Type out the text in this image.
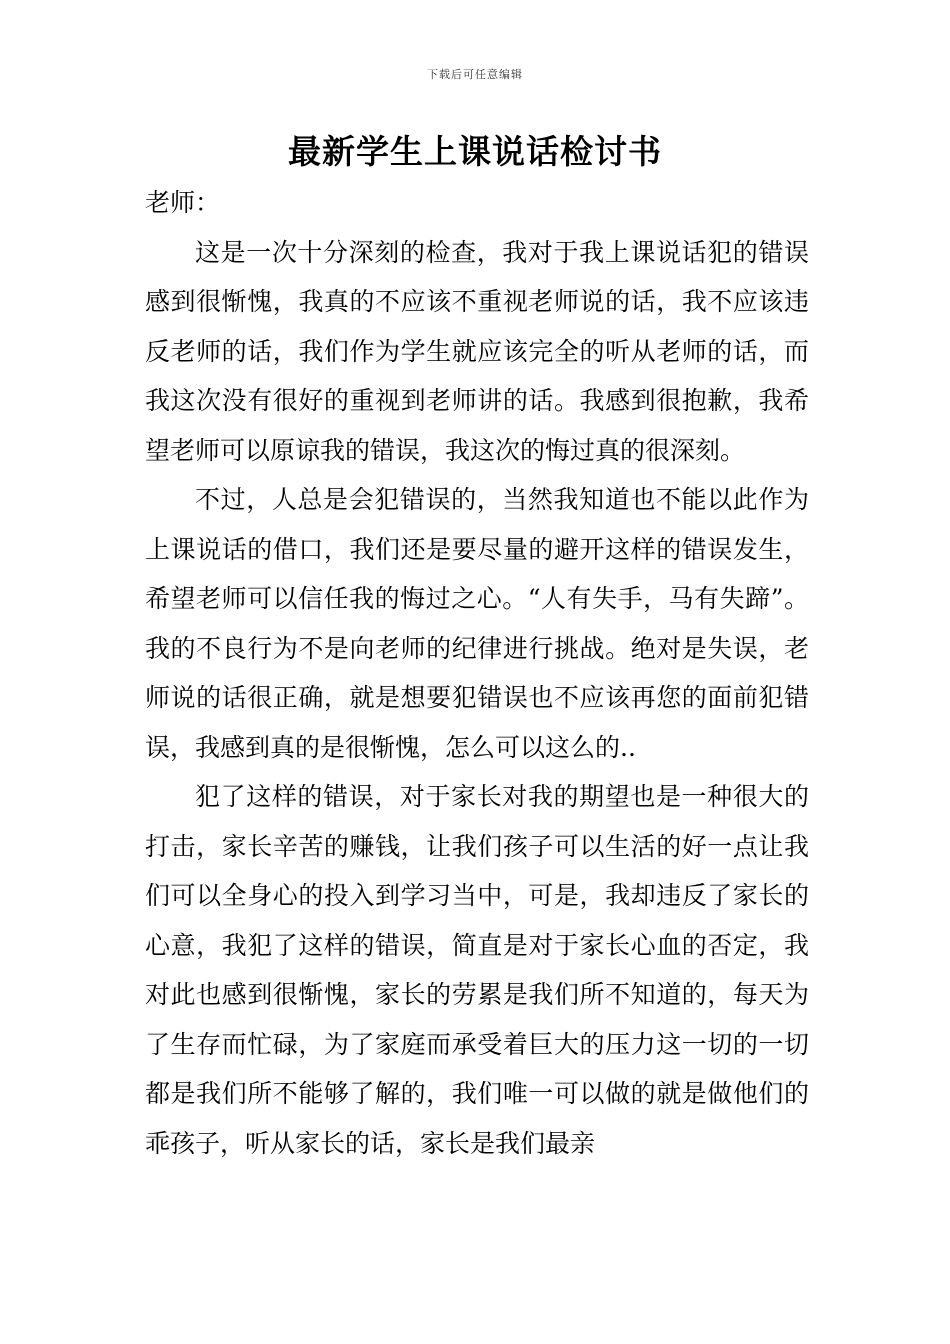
下载后可任意编辑
最新学生上课说话检讨书

老师：

这是一次十分深刻的检查，我对于我上课说话犯的错误感到很惭愧，我真的不应该不重视老师说的话，我不应该违反老师的话，我们作为学生就应该完全的听从老师的话，而我这次没有很好的重视到老师讲的话。我感到很抱歉，我希望老师可以原谅我的错误，我这次的悔过真的很深刻。

不过，人总是会犯错误的，当然我知道也不能以此作为上课说话的借口，我们还是要尽量的避开这样的错误发生，希望老师可以信任我的悔过之心。“人有失手，马有失蹄”。我的不良行为不是向老师的纪律进行挑战。绝对是失误，老师说的话很正确，就是想要犯错误也不应该再您的面前犯错误，我感到真的是很惭愧，怎么可以这么的..

犯了这样的错误，对于家长对我的期望也是一种很大的打击，家长辛苦的赚钱，让我们孩子可以生活的好一点让我们可以全身心的投入到学习当中，可是，我却违反了家长的心意，我犯了这样的错误，简直是对于家长心血的否定，我对此也感到很惭愧，家长的劳累是我们所不知道的，每天为了生存而忙碌，为了家庭而承受着巨大的压力这一切的一切都是我们所不能够了解的，我们唯一可以做的就是做他们的乖孩子，听从家长的话，家长是我们最亲
